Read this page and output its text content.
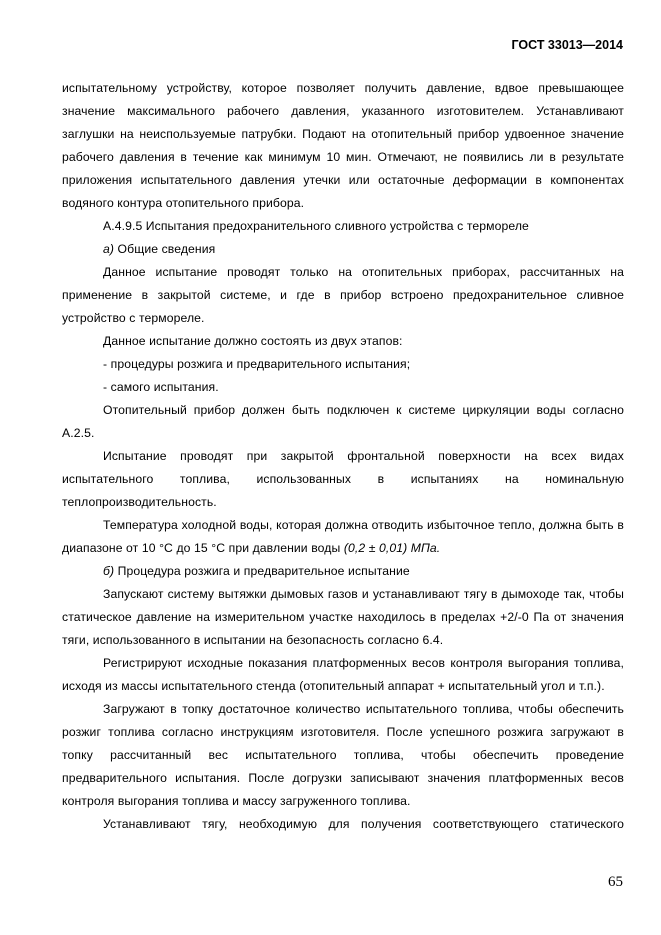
ГОСТ 33013—2014

испытательному устройству, которое позволяет получить давление, вдвое превышающее значение максимального рабочего давления, указанного изготовителем. Устанавливают заглушки на неиспользуемые патрубки. Подают на отопительный прибор удвоенное значение рабочего давления в течение как минимум 10 мин. Отмечают, не появились ли в результате приложения испытательного давления утечки или остаточные деформации в компонентах водяного контура отопительного прибора.

А.4.9.5 Испытания предохранительного сливного устройства с термореле

а) Общие сведения

Данное испытание проводят только на отопительных приборах, рассчитанных на применение в закрытой системе, и где в прибор встроено предохранительное сливное устройство с термореле.

Данное испытание должно состоять из двух этапов:

- процедуры розжига и предварительного испытания;

- самого испытания.

Отопительный прибор должен быть подключен к системе циркуляции воды согласно А.2.5.

Испытание проводят при закрытой фронтальной поверхности на всех видах испытательного топлива, использованных в испытаниях на номинальную теплопроизводительность.

Температура холодной воды, которая должна отводить избыточное тепло, должна быть в диапазоне от 10 °С до 15 °С при давлении воды (0,2 ± 0,01) МПа.

б) Процедура розжига и предварительное испытание

Запускают систему вытяжки дымовых газов и устанавливают тягу в дымоходе так, чтобы статическое давление на измерительном участке находилось в пределах +2/-0 Па от значения тяги, использованного в испытании на безопасность согласно 6.4.

Регистрируют исходные показания платформенных весов контроля выгорания топлива, исходя из массы испытательного стенда (отопительный аппарат + испытательный угол и т.п.).

Загружают в топку достаточное количество испытательного топлива, чтобы обеспечить розжиг топлива согласно инструкциям изготовителя. После успешного розжига загружают в топку рассчитанный вес испытательного топлива, чтобы обеспечить проведение предварительного испытания. После догрузки записывают значения платформенных весов контроля выгорания топлива и массу загруженного топлива.

Устанавливают тягу, необходимую для получения соответствующего статического

65
